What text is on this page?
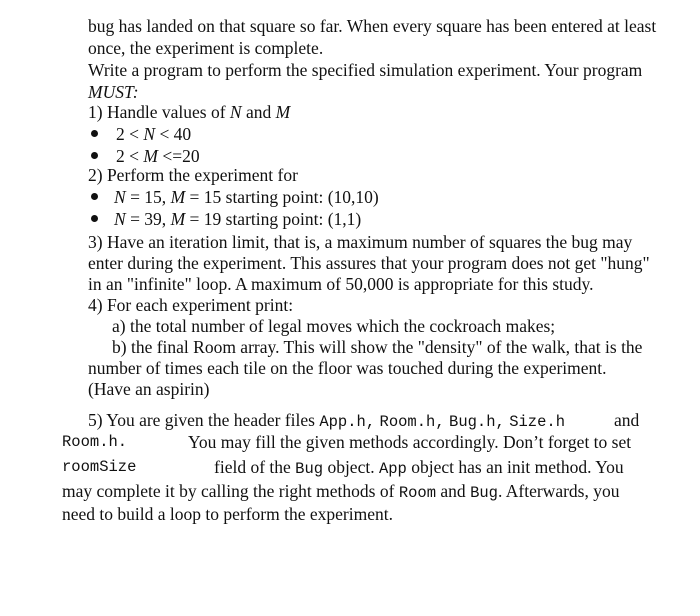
bug has landed on that square so far. When every square has been entered at least
once, the experiment is complete.
Write a program to perform the specified simulation experiment. Your program
MUST:
1) Handle values of N and M
2 < N < 40
2 < M <=20
2) Perform the experiment for
N = 15, M = 15 starting point: (10,10)
N = 39, M = 19 starting point: (1,1)
3) Have an iteration limit, that is, a maximum number of squares the bug may
enter during the experiment. This assures that your program does not get "hung"
in an "infinite" loop. A maximum of 50,000 is appropriate for this study.
4) For each experiment print:
a) the total number of legal moves which the cockroach makes;
b) the final Room array. This will show the "density" of the walk, that is the
number of times each tile on the floor was touched during the experiment.
(Have an aspirin)
5) You are given the header files App.h, Room.h, Bug.h, Size.h	and
Room.h.	You may fill the given methods accordingly. Don’t forget to set
roomSize	field of the Bug object. App object has an init method. You
may complete it by calling the right methods of Room and Bug. Afterwards, you
need to build a loop to perform the experiment.
